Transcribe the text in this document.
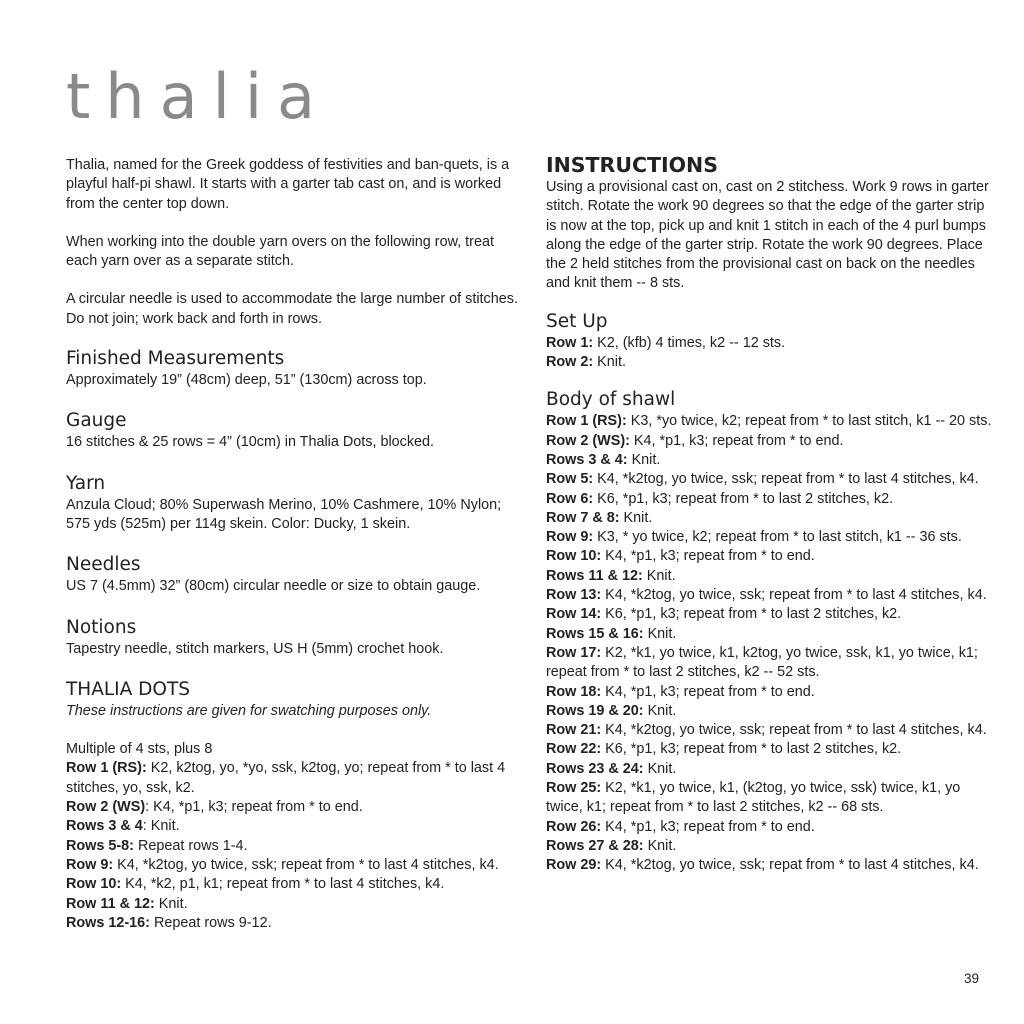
thalia

Thalia, named for the Greek goddess of festivities and ban-quets, is a playful half-pi shawl. It starts with a garter tab cast on, and is worked from the center top down.

When working into the double yarn overs on the following row, treat each yarn over as a separate stitch.

A circular needle is used to accommodate the large number of stitches. Do not join; work back and forth in rows.

Finished Measurements

Approximately 19” (48cm) deep, 51” (130cm) across top.

Gauge

16 stitches & 25 rows = 4” (10cm) in Thalia Dots, blocked.

Yarn

Anzula Cloud; 80% Superwash Merino, 10% Cashmere, 10% Nylon; 575 yds (525m) per 114g skein. Color: Ducky, 1 skein.

Needles

US 7 (4.5mm) 32” (80cm) circular needle or size to obtain gauge.

Notions

Tapestry needle, stitch markers, US H (5mm) crochet hook.

THALIA DOTS

These instructions are given for swatching purposes only.

Multiple of 4 sts, plus 8

Row 1 (RS): K2, k2tog, yo, *yo, ssk, k2tog, yo; repeat from * to last 4 stitches, yo, ssk, k2.

Row 2 (WS): K4, *p1, k3; repeat from * to end.

Rows 3 & 4: Knit.

Rows 5-8: Repeat rows 1-4.

Row 9: K4, *k2tog, yo twice, ssk; repeat from * to last 4 stitches, k4.

Row 10: K4, *k2, p1, k1; repeat from * to last 4 stitches, k4.

Row 11 & 12: Knit.

Rows 12-16: Repeat rows 9-12.

INSTRUCTIONS

Using a provisional cast on, cast on 2 stitchess. Work 9 rows in garter stitch. Rotate the work 90 degrees so that the edge of the garter strip is now at the top, pick up and knit 1 stitch in each of the 4 purl bumps along the edge of the garter strip. Rotate the work 90 degrees. Place the 2 held stitches from the provisional cast on back on the needles and knit them -- 8 sts.

Set Up

Row 1: K2, (kfb) 4 times, k2 -- 12 sts.

Row 2: Knit.

Body of shawl

Row 1 (RS): K3, *yo twice, k2; repeat from * to last stitch, k1 -- 20 sts.

Row 2 (WS): K4, *p1, k3; repeat from * to end.

Rows 3 & 4: Knit.

Row 5: K4, *k2tog, yo twice, ssk; repeat from * to last 4 stitches, k4.

Row 6: K6, *p1, k3; repeat from * to last 2 stitches, k2.

Row 7 & 8: Knit.

Row 9: K3, * yo twice, k2; repeat from * to last stitch, k1 -- 36 sts.

Row 10: K4, *p1, k3; repeat from * to end.

Rows 11 & 12: Knit.

Row 13: K4, *k2tog, yo twice, ssk; repeat from * to last 4 stitches, k4.

Row 14: K6, *p1, k3; repeat from * to last 2 stitches, k2.

Rows 15 & 16: Knit.

Row 17: K2, *k1, yo twice, k1, k2tog, yo twice, ssk, k1, yo twice, k1; repeat from * to last 2 stitches, k2 -- 52 sts.

Row 18: K4, *p1, k3; repeat from * to end.

Rows 19 & 20: Knit.

Row 21: K4, *k2tog, yo twice, ssk; repeat from * to last 4 stitches, k4.

Row 22: K6, *p1, k3; repeat from * to last 2 stitches, k2.

Rows 23 & 24: Knit.

Row 25: K2, *k1, yo twice, k1, (k2tog, yo twice, ssk) twice, k1, yo twice, k1; repeat from * to last 2 stitches, k2 -- 68 sts.

Row 26: K4, *p1, k3; repeat from * to end.

Rows 27 & 28: Knit.

Row 29: K4, *k2tog, yo twice, ssk; repat from * to last 4 stitches, k4.

39
